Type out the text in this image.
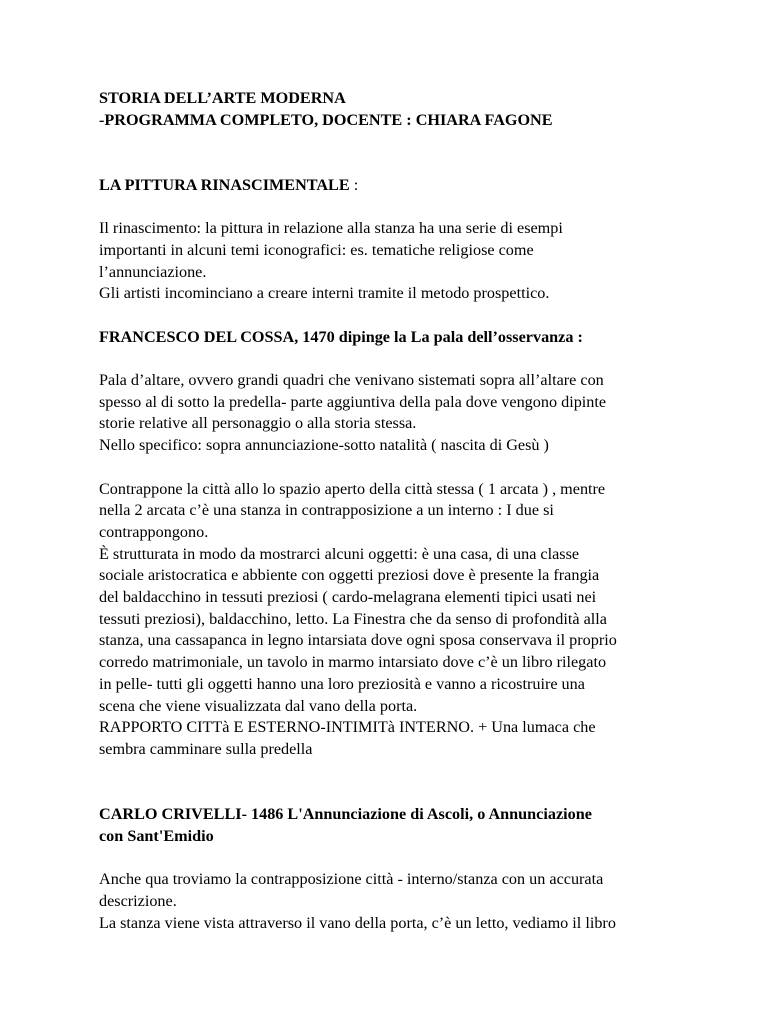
STORIA DELL’ARTE MODERNA
-PROGRAMMA COMPLETO, DOCENTE : CHIARA FAGONE
LA PITTURA RINASCIMENTALE :
Il rinascimento: la pittura in relazione alla stanza ha una serie di esempi
importanti in alcuni temi iconografici: es. tematiche religiose come
l’annunciazione.
Gli artisti incominciano a creare interni tramite il metodo prospettico.
FRANCESCO DEL COSSA, 1470 dipinge la La pala dell’osservanza :
Pala d’altare, ovvero grandi quadri che venivano sistemati sopra all’altare con
spesso al di sotto la predella- parte aggiuntiva della pala dove vengono dipinte
storie relative all personaggio o alla storia stessa.
Nello specifico: sopra annunciazione-sotto natalità ( nascita di Gesù )
Contrappone la città allo lo spazio aperto della città stessa ( 1 arcata ) , mentre
nella 2 arcata c’è una stanza in contrapposizione a un interno : I due si
contrappongono.
È strutturata in modo da mostrarci alcuni oggetti: è una casa, di una classe
sociale aristocratica e abbiente con oggetti preziosi dove è presente la frangia
del baldacchino in tessuti preziosi ( cardo-melagrana elementi tipici usati nei
tessuti preziosi), baldacchino, letto. La Finestra che da senso di profondità alla
stanza, una cassapanca in legno intarsiata dove ogni sposa conservava il proprio
corredo matrimoniale, un tavolo in marmo intarsiato dove c’è un libro rilegato
in pelle- tutti gli oggetti hanno una loro preziosità e vanno a ricostruire una
scena che viene visualizzata dal vano della porta.
RAPPORTO CITTà E ESTERNO-INTIMITà INTERNO. + Una lumaca che
sembra camminare sulla predella
CARLO CRIVELLI- 1486 L'Annunciazione di Ascoli, o Annunciazione
con Sant'Emidio
Anche qua troviamo la contrapposizione città - interno/stanza con un accurata
descrizione.
La stanza viene vista attraverso il vano della porta, c’è un letto, vediamo il libro
